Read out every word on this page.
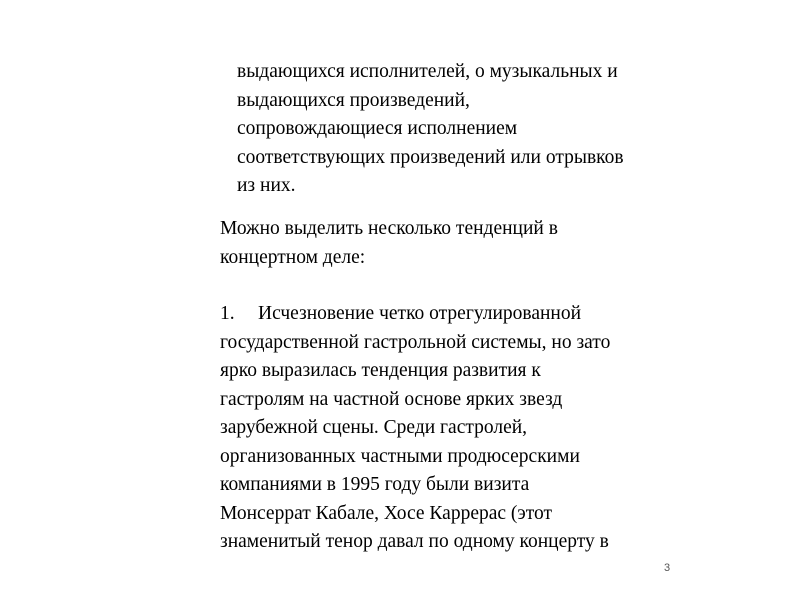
выдающихся исполнителей, о музыкальных и
выдающихся произведений,
сопровождающиеся исполнением
соответствующих произведений или отрывков
из них.
Можно выделить несколько тенденций в
концертном деле:
1. Исчезновение четко отрегулированной
государственной гастрольной системы, но зато
ярко выразилась тенденция развития к
гастролям на частной основе ярких звезд
зарубежной сцены. Среди гастролей,
организованных частными продюсерскими
компаниями в 1995 году были визита
Монсеррат Кабале, Хосе Каррерас (этот
знаменитый тенор давал по одному концерту в
3
